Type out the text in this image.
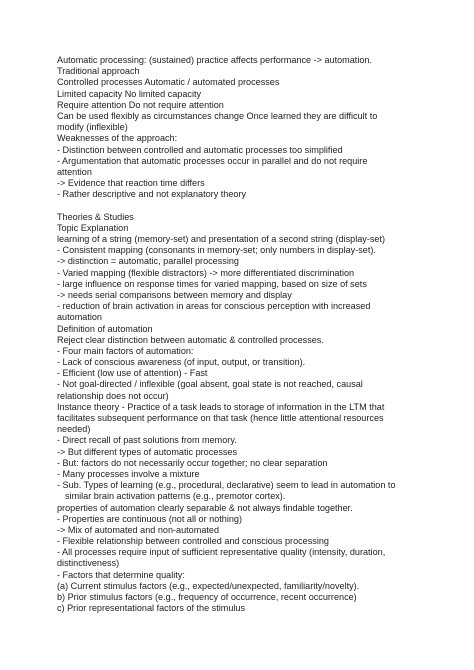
Automatic processing: (sustained) practice affects performance -> automation.
Traditional approach
Controlled processes Automatic / automated processes
Limited capacity No limited capacity
Require attention Do not require attention
Can be used flexibly as circumstances change Once learned they are difficult to
modify (inflexible)
Weaknesses of the approach:
- Distinction between controlled and automatic processes too simplified
- Argumentation that automatic processes occur in parallel and do not require
attention
-> Evidence that reaction time differs
- Rather descriptive and not explanatory theory
Theories & Studies
Topic Explanation
learning of a string (memory-set) and presentation of a second string (display-set)
- Consistent mapping (consonants in memory-set; only numbers in display-set).
-> distinction = automatic, parallel processing
- Varied mapping (flexible distractors) -> more differentiated discrimination
- large influence on response times for varied mapping, based on size of sets
-> needs serial comparisons between memory and display
- reduction of brain activation in areas for conscious perception with increased
automation
Definition of automation
Reject clear distinction between automatic & controlled processes.
- Four main factors of automation:
- Lack of conscious awareness (of input, output, or transition).
- Efficient (low use of attention) - Fast
- Not goal-directed / inflexible (goal absent, goal state is not reached, causal
relationship does not occur)
Instance theory - Practice of a task leads to storage of information in the LTM that
facilitates subsequent performance on that task (hence little attentional resources
needed)
- Direct recall of past solutions from memory.
-> But different types of automatic processes
- But: factors do not necessarily occur together; no clear separation
- Many processes involve a mixture
- Sub. Types of learning (e.g., procedural, declarative) seem to lead in automation to
similar brain activation patterns (e.g., premotor cortex).
properties of automation clearly separable & not always findable together.
- Properties are continuous (not all or nothing)
-> Mix of automated and non-automated
- Flexible relationship between controlled and conscious processing
- All processes require input of sufficient representative quality (intensity, duration,
distinctiveness)
- Factors that determine quality:
(a) Current stimulus factors (e.g., expected/unexpected, familiarity/novelty).
b) Prior stimulus factors (e.g., frequency of occurrence, recent occurrence)
c) Prior representational factors of the stimulus
